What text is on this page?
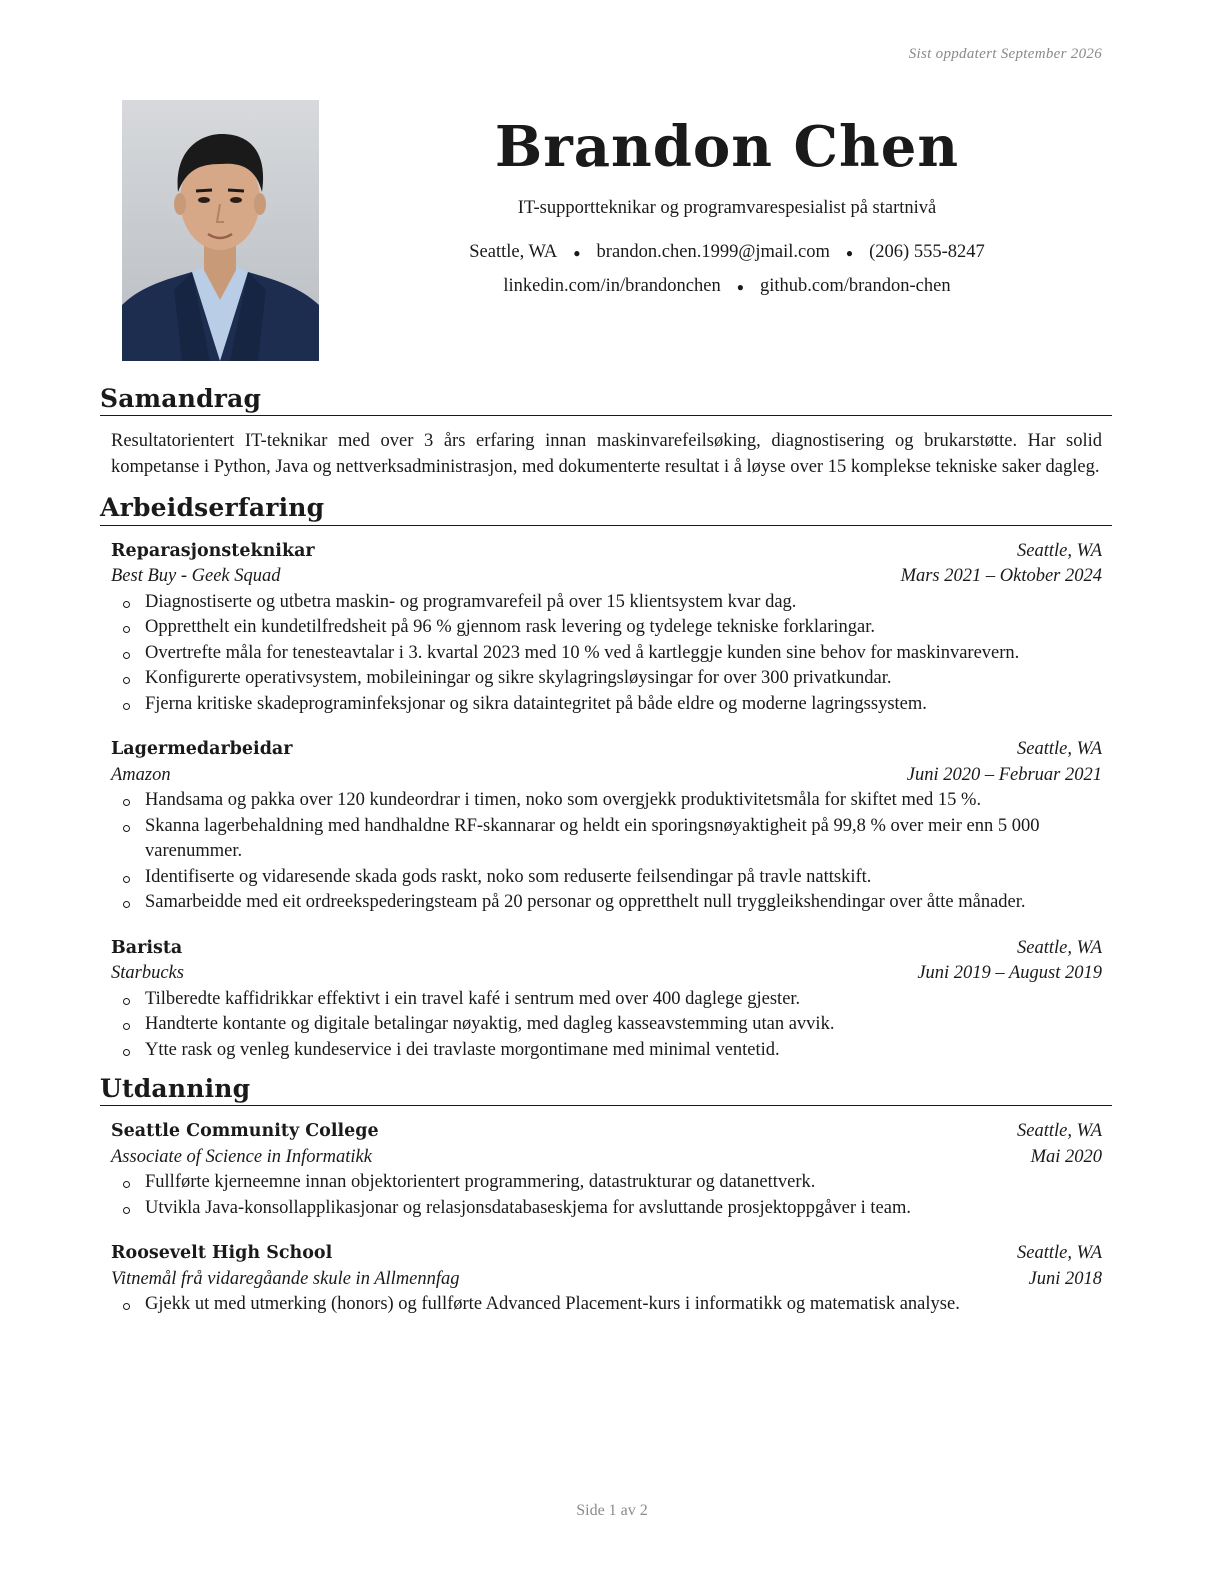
Sist oppdatert September 2026
Brandon Chen
IT-supportteknikar og programvarespesialist på startnivå
Seattle, WA ● brandon.chen.1999@jmail.com ● (206) 555-8247
linkedin.com/in/brandonchen ● github.com/brandon-chen
Samandrag

Resultatorientert IT-teknikar med over 3 års erfaring innan maskinvarefeilsøking, diagnostisering og brukarstøtte. Har solid kompetanse i Python, Java og nettverksadministrasjon, med dokumenterte resultat i å løyse over 15 komplekse tekniske saker dagleg.

Arbeidserfaring
Reparasjonsteknikar	Seattle, WA
Best Buy - Geek Squad	Mars 2021 – Oktober 2024
Diagnostiserte og utbetra maskin- og programvarefeil på over 15 klientsystem kvar dag.
Oppretthelt ein kundetilfredsheit på 96 % gjennom rask levering og tydelege tekniske forklaringar.
Overtrefte måla for tenesteavtalar i 3. kvartal 2023 med 10 % ved å kartleggje kunden sine behov for maskinvarevern.
Konfigurerte operativsystem, mobileiningar og sikre skylagringsløysingar for over 300 privatkundar.
Fjerna kritiske skadeprograminfeksjonar og sikra dataintegritet på både eldre og moderne lagringssystem.
Lagermedarbeidar	Seattle, WA
Amazon	Juni 2020 – Februar 2021
Handsama og pakka over 120 kundeordrar i timen, noko som overgjekk produktivitetsmåla for skiftet med 15 %.
Skanna lagerbehaldning med handhaldne RF-skannarar og heldt ein sporingsnøyaktigheit på 99,8 % over meir enn 5 000 varenummer.
Identifiserte og vidaresende skada gods raskt, noko som reduserte feilsendingar på travle nattskift.
Samarbeidde med eit ordreekspederingsteam på 20 personar og oppretthelt null tryggleikshendingar over åtte månader.
Barista	Seattle, WA
Starbucks	Juni 2019 – August 2019
Tilberedte kaffidrikkar effektivt i ein travel kafé i sentrum med over 400 daglege gjester.
Handterte kontante og digitale betalingar nøyaktig, med dagleg kasseavstemming utan avvik.
Ytte rask og venleg kundeservice i dei travlaste morgontimane med minimal ventetid.
Utdanning
Seattle Community College	Seattle, WA
Associate of Science in Informatikk	Mai 2020
Fullførte kjerneemne innan objektorientert programmering, datastrukturar og datanettverk.
Utvikla Java-konsollapplikasjonar og relasjonsdatabaseskjema for avsluttande prosjektoppgåver i team.
Roosevelt High School	Seattle, WA
Vitnemål frå vidaregåande skule in Allmennfag	Juni 2018
Gjekk ut med utmerking (honors) og fullførte Advanced Placement-kurs i informatikk og matematisk analyse.
Side 1 av 2
